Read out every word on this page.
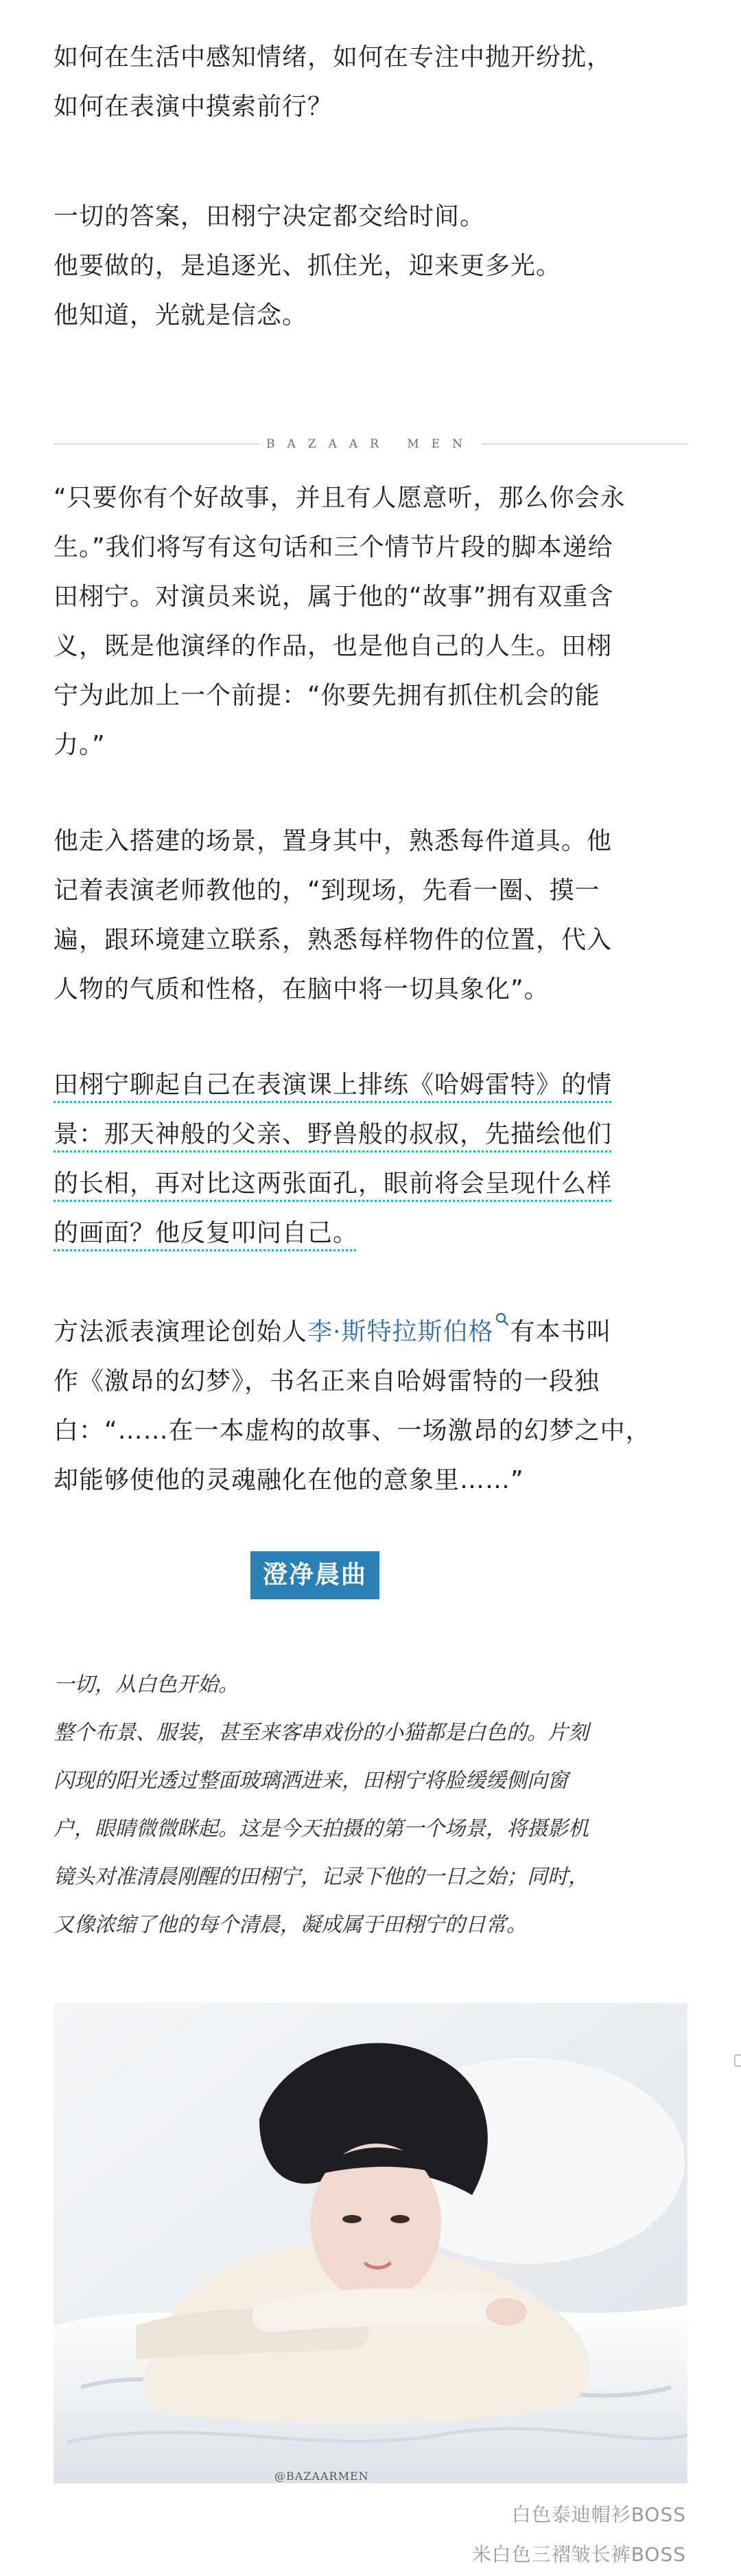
如何在生活中感知情绪，如何在专注中抛开纷扰，
如何在表演中摸索前行？

一切的答案，田栩宁决定都交给时间。
他要做的，是追逐光、抓住光，迎来更多光。
他知道，光就是信念。

BAZAAR MEN

“只要你有个好故事，并且有人愿意听，那么你会永
生。”我们将写有这句话和三个情节片段的脚本递给
田栩宁。对演员来说，属于他的“故事”拥有双重含
义，既是他演绎的作品，也是他自己的人生。田栩
宁为此加上一个前提：“你要先拥有抓住机会的能
力。”

他走入搭建的场景，置身其中，熟悉每件道具。他
记着表演老师教他的，“到现场，先看一圈、摸一
遍，跟环境建立联系，熟悉每样物件的位置，代入
人物的气质和性格，在脑中将一切具象化”。

田栩宁聊起自己在表演课上排练《哈姆雷特》的情
景：那天神般的父亲、野兽般的叔叔，先描绘他们
的长相，再对比这两张面孔，眼前将会呈现什么样
的画面？他反复叩问自己。

方法派表演理论创始人李·斯特拉斯伯格 有本书叫
作《激昂的幻梦》，书名正来自哈姆雷特的一段独
白：“……在一本虚构的故事、一场激昂的幻梦之中，
却能够使他的灵魂融化在他的意象里……”

澄净晨曲
一切，从白色开始。
整个布景、服装，甚至来客串戏份的小猫都是白色的。片刻
闪现的阳光透过整面玻璃洒进来，田栩宁将脸缓缓侧向窗
户，眼睛微微眯起。这是今天拍摄的第一个场景，将摄影机
镜头对准清晨刚醒的田栩宁，记录下他的一日之始；同时，
又像浓缩了他的每个清晨，凝成属于田栩宁的日常。
@BAZAARMEN
白色泰迪帽衫BOSS
米白色三褶皱长裤BOSS
